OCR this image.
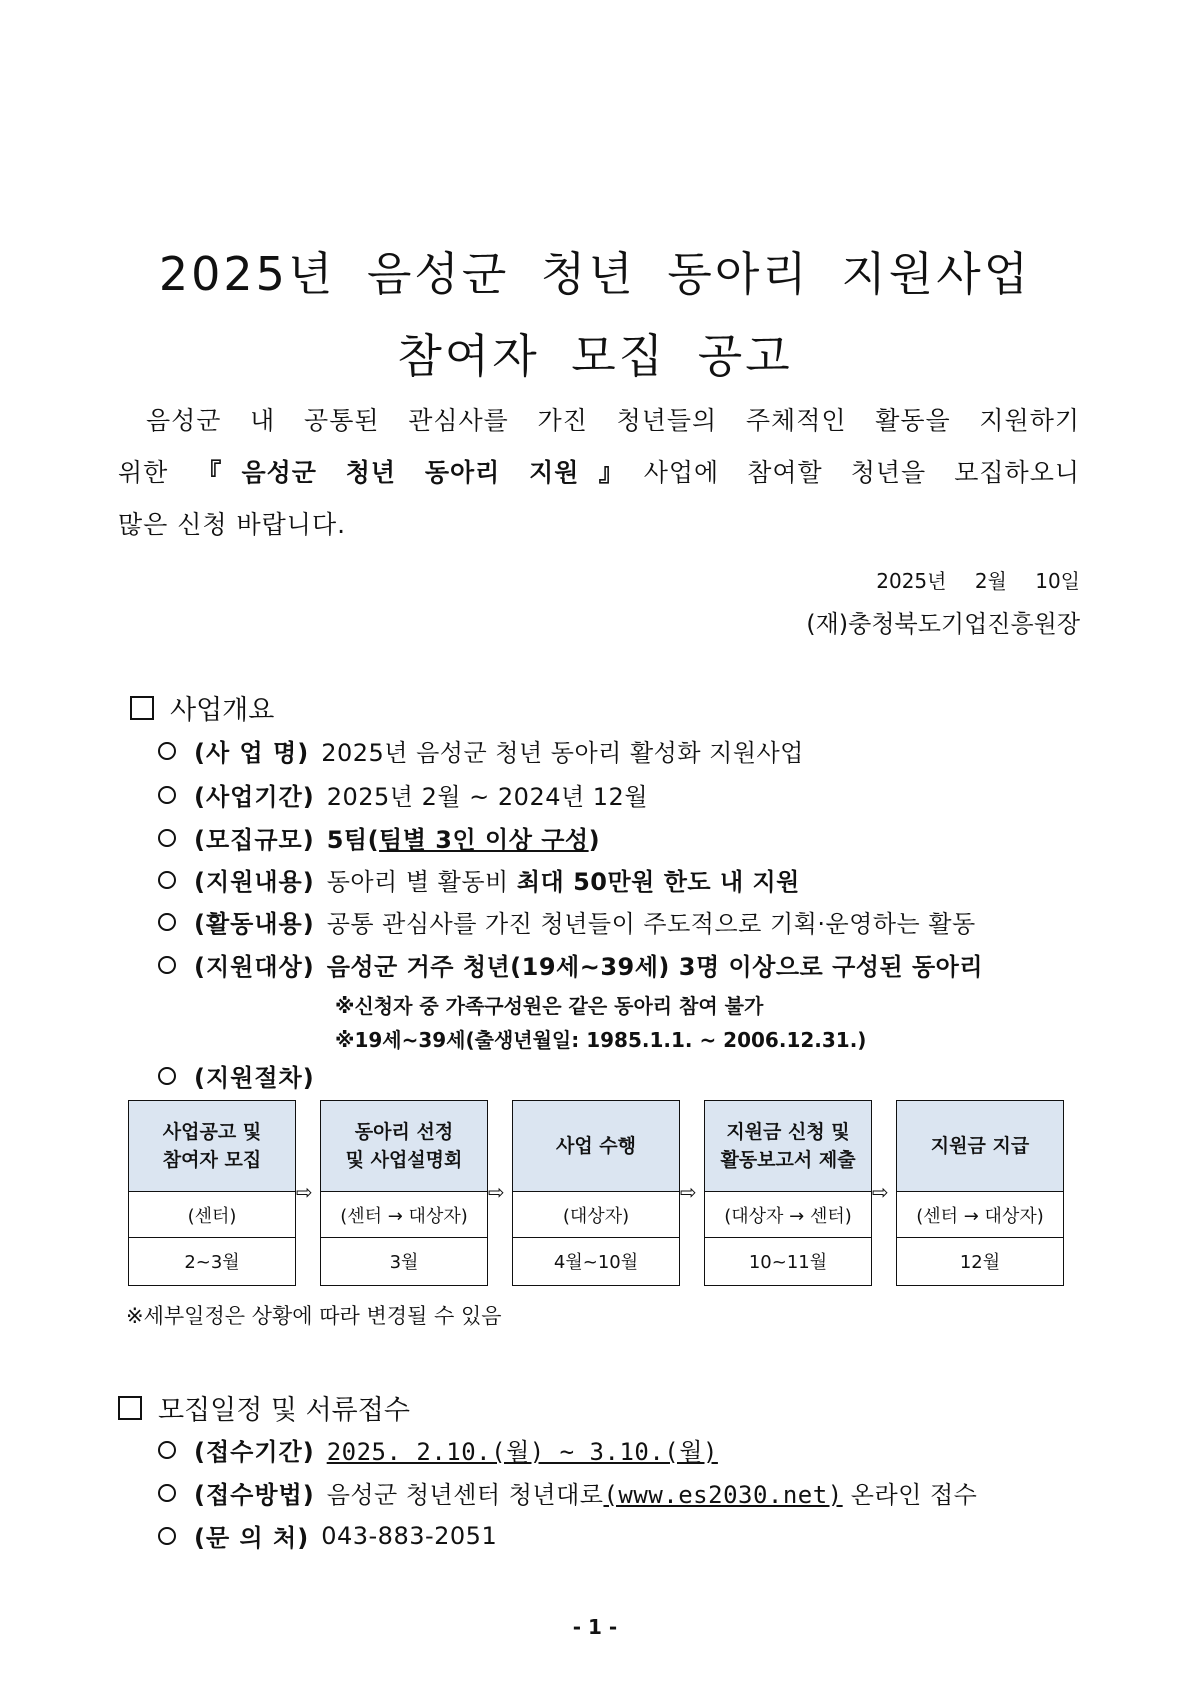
2025년 음성군 청년 동아리 지원사업
참여자 모집 공고

음성군 내 공통된 관심사를 가진 청년들의 주체적인 활동을 지원하기

위한 『음성군 청년 동아리 지원』사업에 참여할 청년을 모집하오니

많은 신청 바랍니다.

2025년 2월 10일
(재)충청북도기업진흥원장
사업개요
(사 업 명) 2025년 음성군 청년 동아리 활성화 지원사업
(사업기간) 2025년 2월 ~ 2024년 12월
(모집규모) 5팀(팀별 3인 이상 구성)
(지원내용) 동아리 별 활동비 최대 50만원 한도 내 지원
(활동내용) 공통 관심사를 가진 청년들이 주도적으로 기획·운영하는 활동
(지원대상) 음성군 거주 청년(19세~39세) 3명 이상으로 구성된 동아리
※신청자 중 가족구성원은 같은 동아리 참여 불가
※19세~39세(출생년월일: 1985.1.1. ~ 2006.12.31.)
(지원절차)
사업공고 및
참여자 모집
(센터)
2~3월
⇨
동아리 선정
및 사업설명회
(센터 → 대상자)
3월
⇨
사업 수행
(대상자)
4월~10월
⇨
지원금 신청 및
활동보고서 제출
(대상자 → 센터)
10~11월
⇨
지원금 지급
(센터 → 대상자)
12월
※세부일정은 상황에 따라 변경될 수 있음
모집일정 및 서류접수
(접수기간) 2025. 2.10.(월) ~ 3.10.(월)
(접수방법) 음성군 청년센터 청년대로(www.es2030.net) 온라인 접수
(문 의 처) 043-883-2051
- 1 -
